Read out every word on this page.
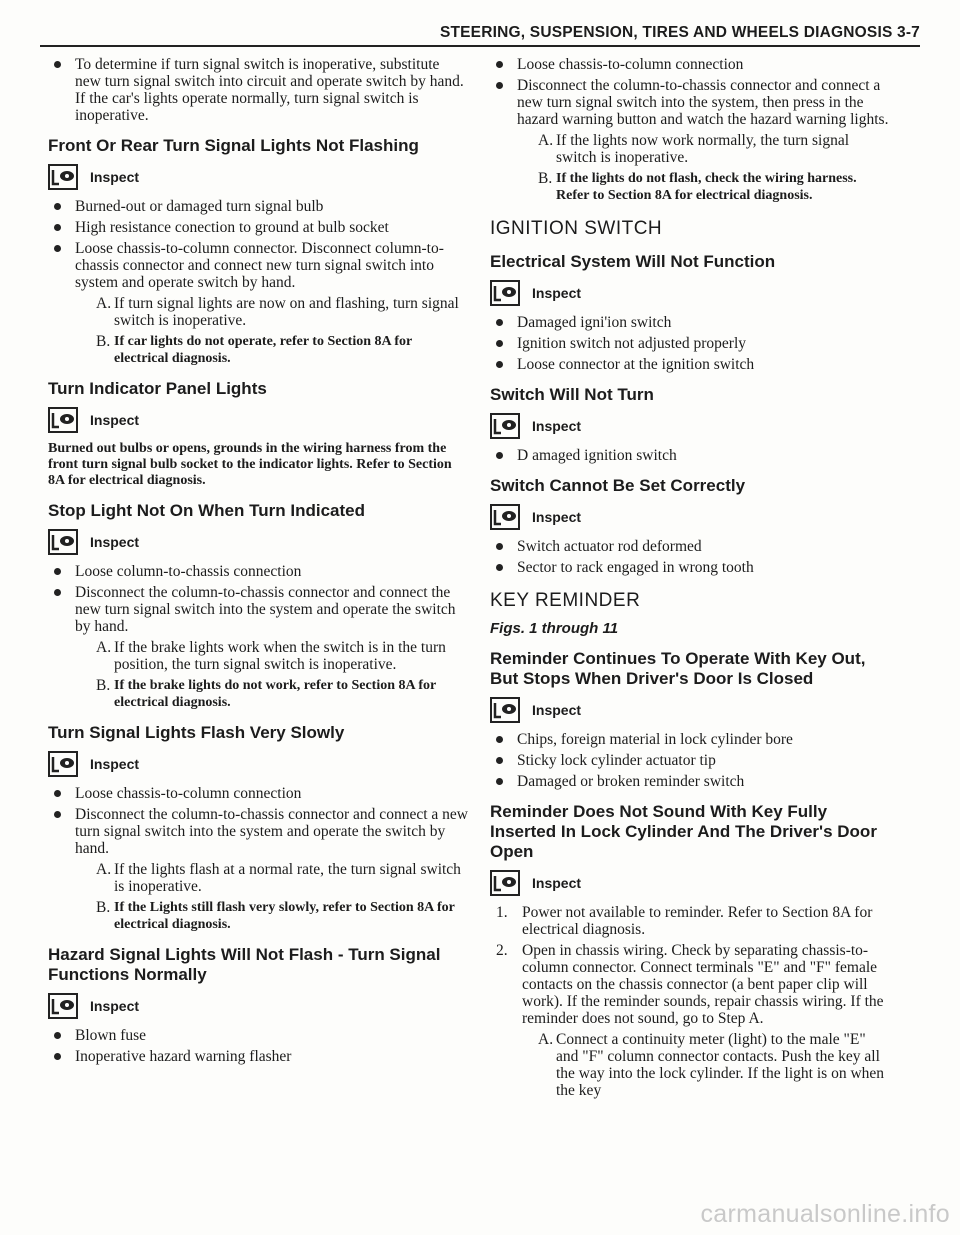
STEERING, SUSPENSION, TIRES AND WHEELS DIAGNOSIS 3-7
To determine if turn signal switch is inoperative, substitute new turn signal switch into circuit and operate switch by hand. If the car's lights operate normally, turn signal switch is inoperative.
Front Or Rear Turn Signal Lights Not Flashing
Inspect
Burned-out or damaged turn signal bulb
High resistance conection to ground at bulb socket
Loose chassis-to-column connector. Disconnect column-to-chassis connector and connect new turn signal switch into system and operate switch by hand.
A. If turn signal lights are now on and flashing, turn signal switch is inoperative.
B. If car lights do not operate, refer to Section 8A for electrical diagnosis.
Turn Indicator Panel Lights
Inspect
Burned out bulbs or opens, grounds in the wiring harness from the front turn signal bulb socket to the indicator lights. Refer to Section 8A for electrical diagnosis.
Stop Light Not On When Turn Indicated
Inspect
Loose column-to-chassis connection
Disconnect the column-to-chassis connector and connect the new turn signal switch into the system and operate the switch by hand.
A. If the brake lights work when the switch is in the turn position, the turn signal switch is inoperative.
B. If the brake lights do not work, refer to Section 8A for electrical diagnosis.
Turn Signal Lights Flash Very Slowly
Inspect
Loose chassis-to-column connection
Disconnect the column-to-chassis connector and connect a new turn signal switch into the system and operate the switch by hand.
A. If the lights flash at a normal rate, the turn signal switch is inoperative.
B. If the Lights still flash very slowly, refer to Section 8A for electrical diagnosis.
Hazard Signal Lights Will Not Flash - Turn Signal Functions Normally
Inspect
Blown fuse
Inoperative hazard warning flasher
Loose chassis-to-column connection
Disconnect the column-to-chassis connector and connect a new turn signal switch into the system, then press in the hazard warning button and watch the hazard warning lights.
A. If the lights now work normally, the turn signal switch is inoperative.
B. If the lights do not flash, check the wiring harness. Refer to Section 8A for electrical diagnosis.
IGNITION SWITCH
Electrical System Will Not Function
Inspect
Damaged igni'ion switch
Ignition switch not adjusted properly
Loose connector at the ignition switch
Switch Will Not Turn
Inspect
D amaged ignition switch
Switch Cannot Be Set Correctly
Inspect
Switch actuator rod deformed
Sector to rack engaged in wrong tooth
KEY REMINDER
Figs. 1 through 11
Reminder Continues To Operate With Key Out, But Stops When Driver's Door Is Closed
Inspect
Chips, foreign material in lock cylinder bore
Sticky lock cylinder actuator tip
Damaged or broken reminder switch
Reminder Does Not Sound With Key Fully Inserted In Lock Cylinder And The Driver's Door Open
Inspect
1. Power not available to reminder. Refer to Section 8A for electrical diagnosis.
2. Open in chassis wiring. Check by separating chassis-to-column connector. Connect terminals "E" and "F" female contacts on the chassis connector (a bent paper clip will work). If the reminder sounds, repair chassis wiring. If the reminder does not sound, go to Step A.
A. Connect a continuity meter (light) to the male "E" and "F" column connector contacts. Push the key all the way into the lock cylinder. If the light is on when the key
carmanualsonline.info
